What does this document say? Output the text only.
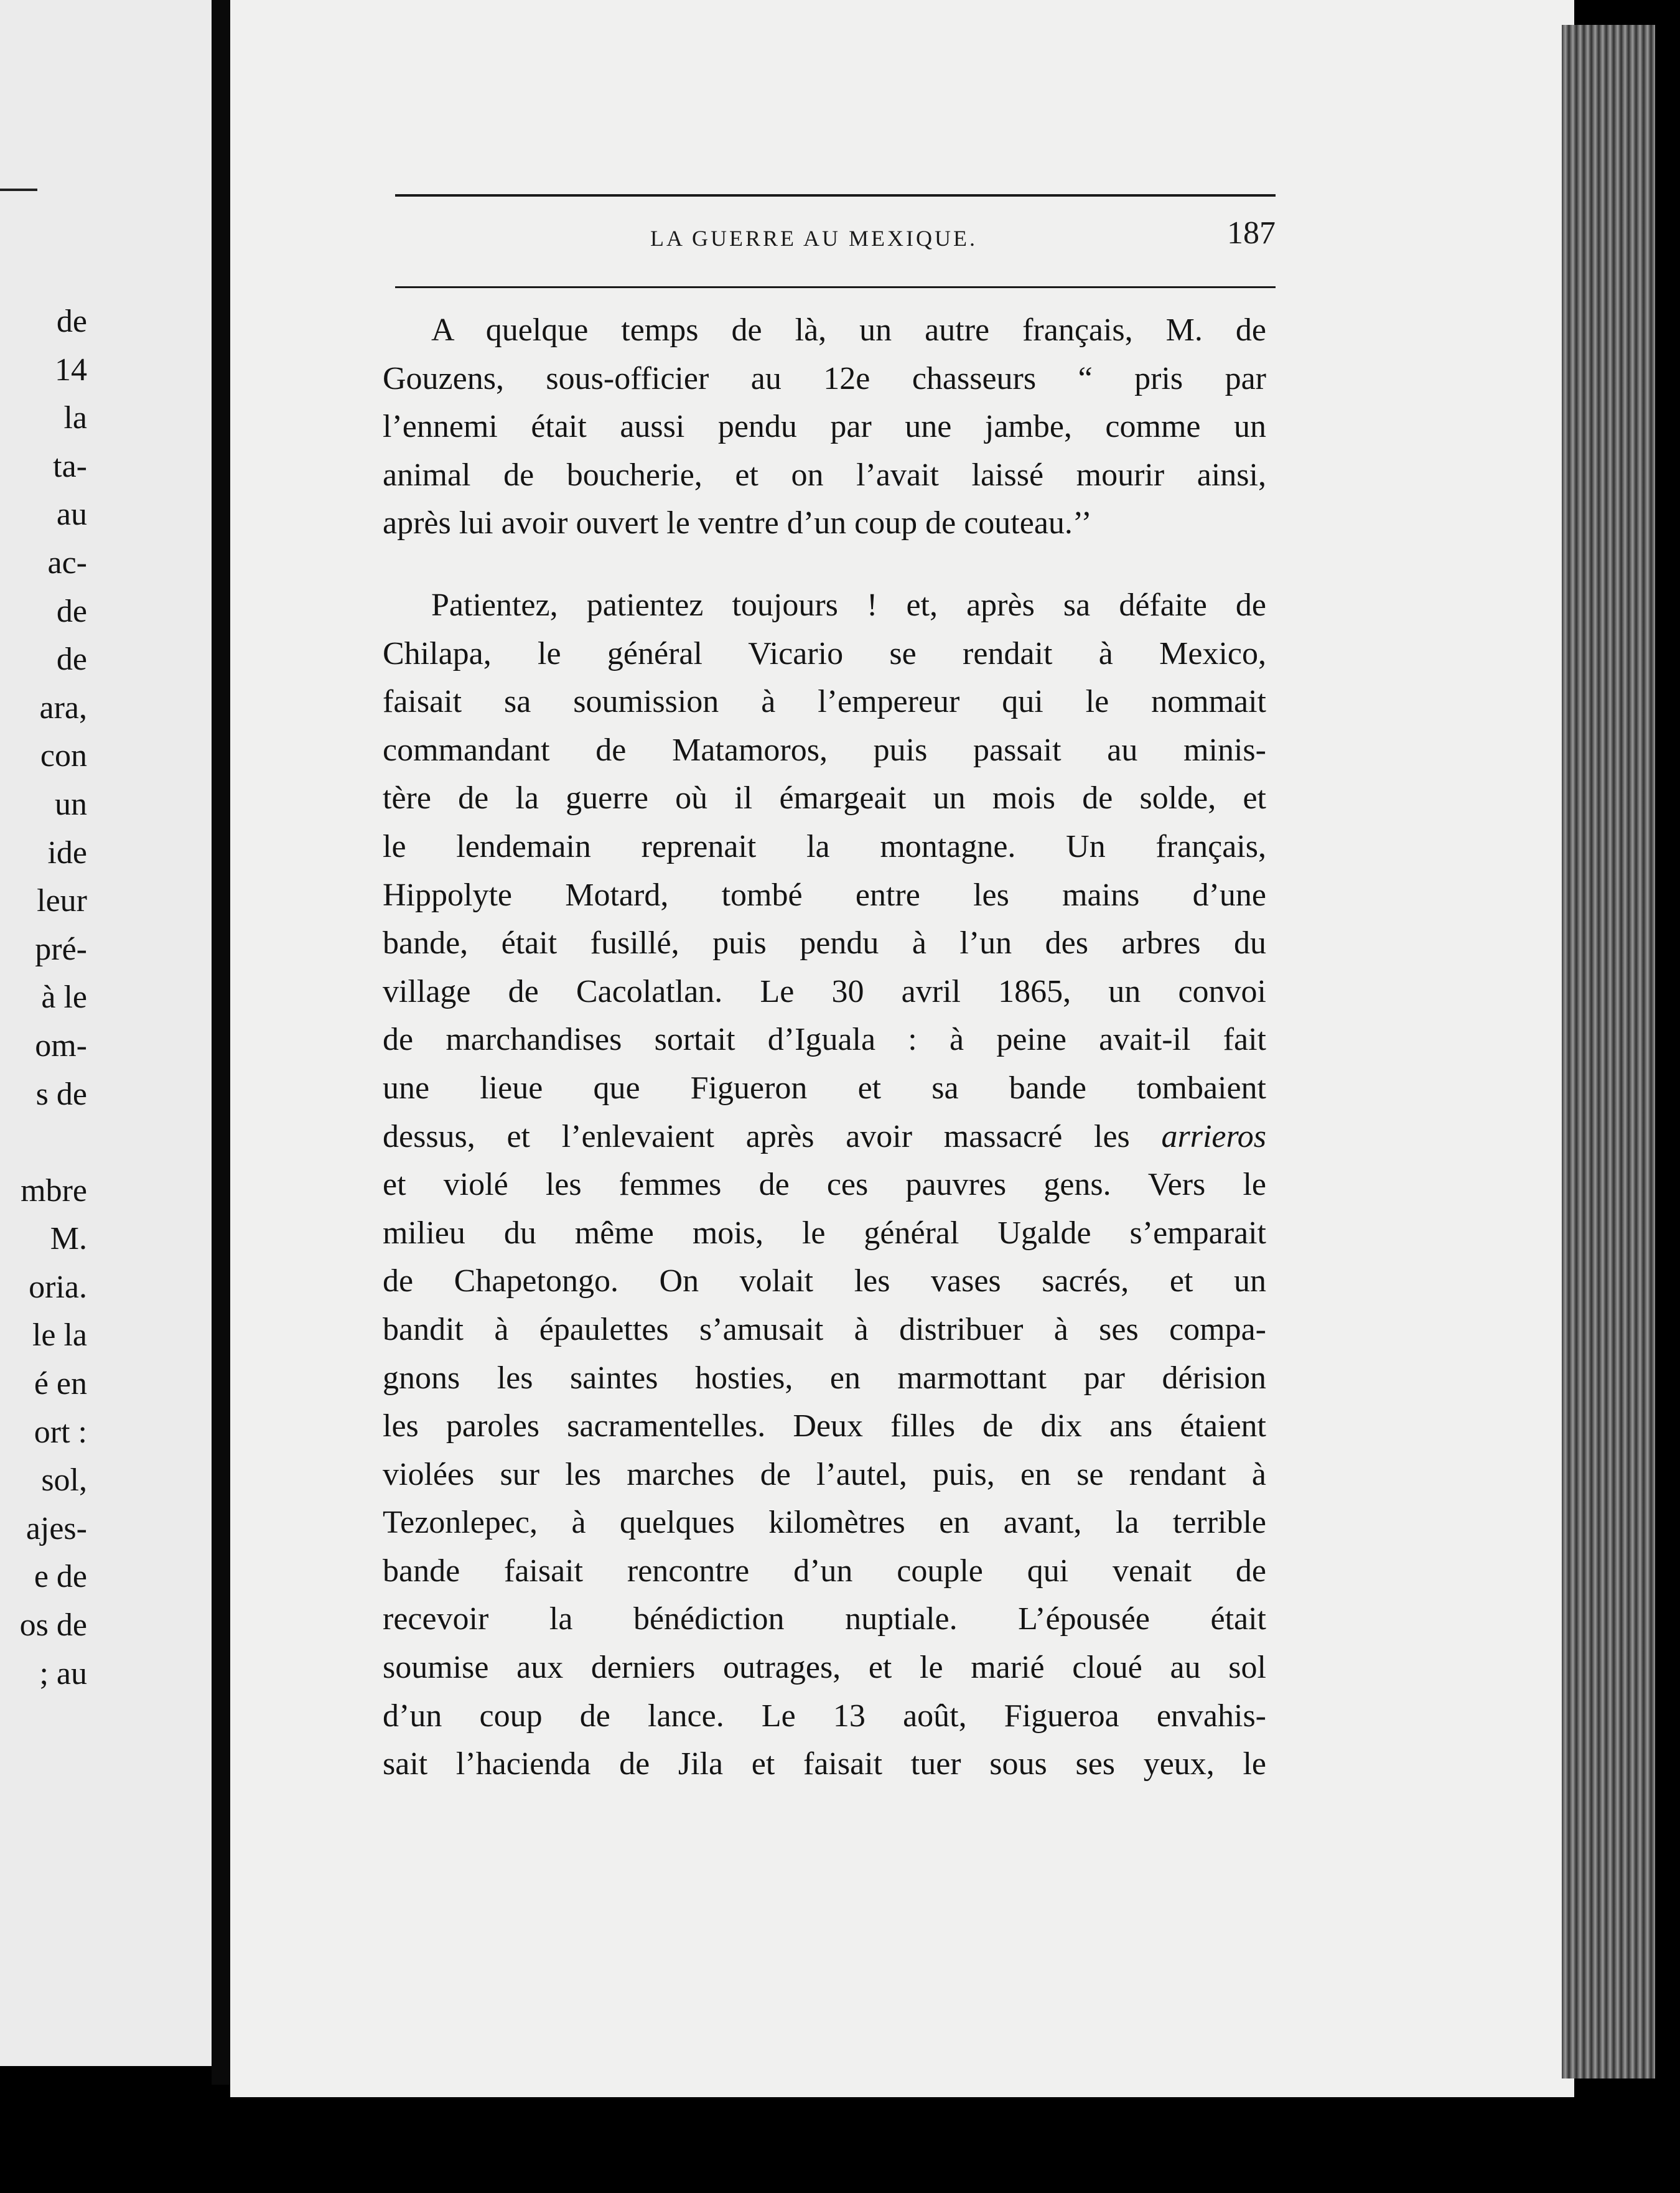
de
14
la
ta-
au
ac-
de
de
ara,
con
un
ide
leur
pré-
à le
om-
s de
mbre
M.
oria.
le la
é en
ort :
sol,
ajes-
e de
os de
; au
LA GUERRE AU MEXIQUE.	187
A quelque temps de là, un autre français, M. de
Gouzens, sous-officier au 12e chasseurs “ pris par
l’ennemi était aussi pendu par une jambe, comme un
animal de boucherie, et on l’avait laissé mourir ainsi,
après lui avoir ouvert le ventre d’un coup de couteau.’’
Patientez, patientez toujours ! et, après sa défaite de
Chilapa, le général Vicario se rendait à Mexico,
faisait sa soumission à l’empereur qui le nommait
commandant de Matamoros, puis passait au minis-
tère de la guerre où il émargeait un mois de solde, et
le lendemain reprenait la montagne. Un français,
Hippolyte Motard, tombé entre les mains d’une
bande, était fusillé, puis pendu à l’un des arbres du
village de Cacolatlan. Le 30 avril 1865, un convoi
de marchandises sortait d’Iguala : à peine avait-il fait
une lieue que Figueron et sa bande tombaient
dessus, et l’enlevaient après avoir massacré les arrieros
et violé les femmes de ces pauvres gens. Vers le
milieu du même mois, le général Ugalde s’emparait
de Chapetongo. On volait les vases sacrés, et un
bandit à épaulettes s’amusait à distribuer à ses compa-
gnons les saintes hosties, en marmottant par dérision
les paroles sacramentelles. Deux filles de dix ans étaient
violées sur les marches de l’autel, puis, en se rendant à
Tezonlepec, à quelques kilomètres en avant, la terrible
bande faisait rencontre d’un couple qui venait de
recevoir la bénédiction nuptiale. L’épousée était
soumise aux derniers outrages, et le marié cloué au sol
d’un coup de lance. Le 13 août, Figueroa envahis-
sait l’hacienda de Jila et faisait tuer sous ses yeux, le
